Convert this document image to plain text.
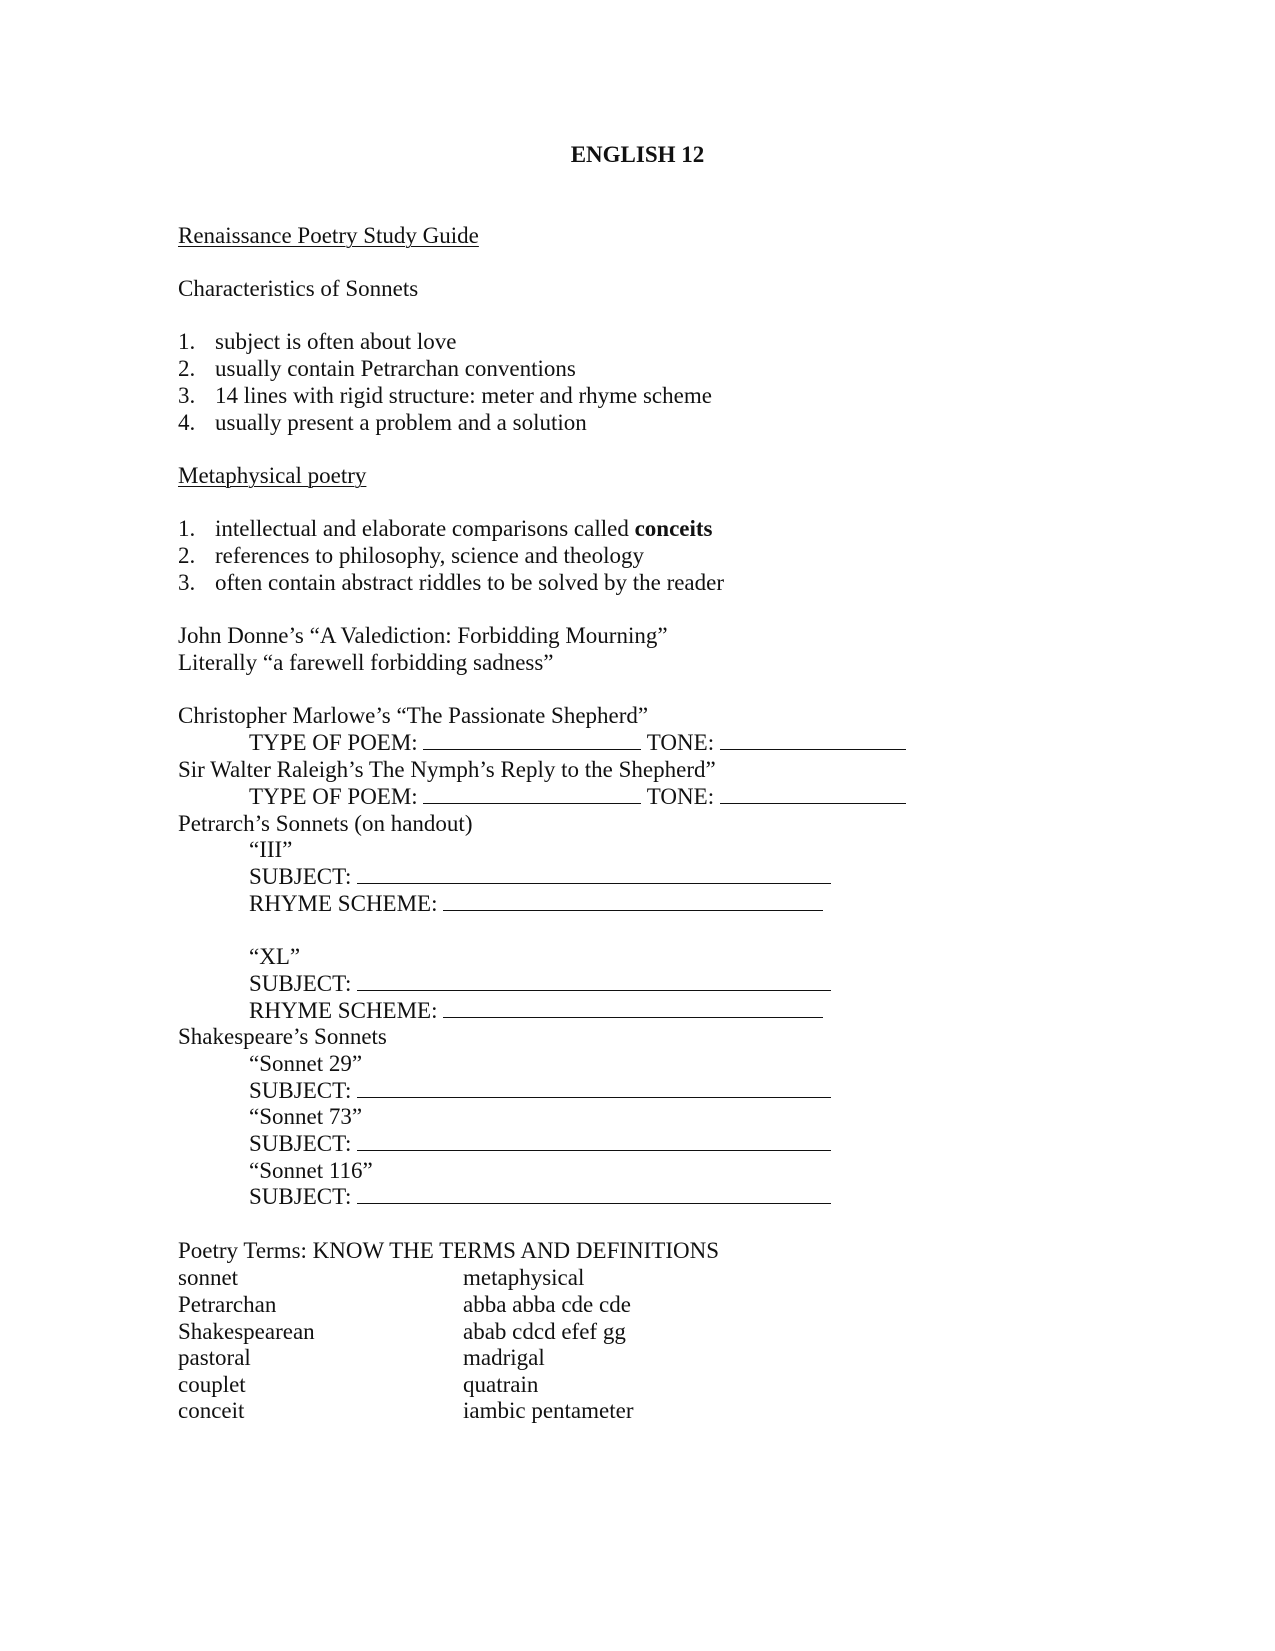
ENGLISH 12
Renaissance Poetry Study Guide
Characteristics of Sonnets
1. subject is often about love
2. usually contain Petrarchan conventions
3. 14 lines with rigid structure: meter and rhyme scheme
4. usually present a problem and a solution
Metaphysical poetry
1. intellectual and elaborate comparisons called conceits
2. references to philosophy, science and theology
3. often contain abstract riddles to be solved by the reader
John Donne’s “A Valediction: Forbidding Mourning”
Literally “a farewell forbidding sadness”
Christopher Marlowe’s “The Passionate Shepherd”
TYPE OF POEM:	TONE:
Sir Walter Raleigh’s The Nymph’s Reply to the Shepherd”
TYPE OF POEM:	TONE:
Petrarch’s Sonnets (on handout)
“III”
SUBJECT:
RHYME SCHEME:
“XL”
SUBJECT:
RHYME SCHEME:
Shakespeare’s Sonnets
“Sonnet 29”
SUBJECT:
“Sonnet 73”
SUBJECT:
“Sonnet 116”
SUBJECT:
Poetry Terms: KNOW THE TERMS AND DEFINITIONS
sonnet	metaphysical
Petrarchan	abba abba cde cde
Shakespearean	abab cdcd efef gg
pastoral	madrigal
couplet	quatrain
conceit	iambic pentameter
